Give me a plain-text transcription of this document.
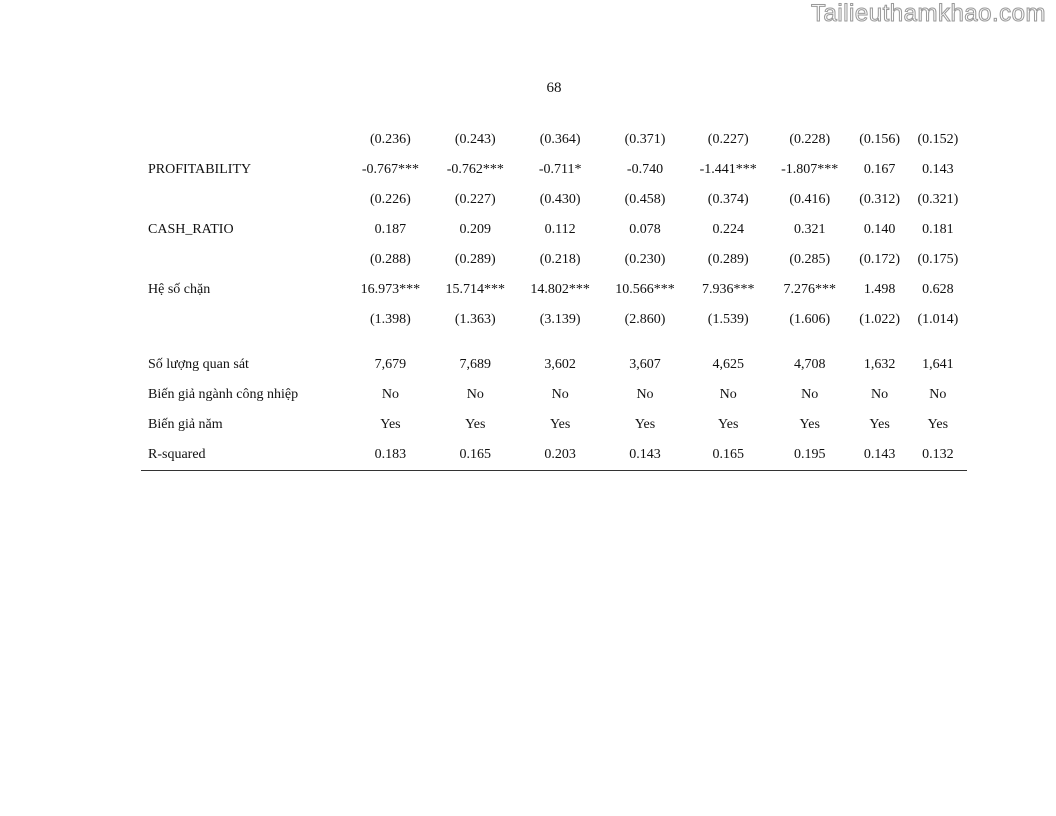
Tailieuthamkhao.com
68
	(0.236)	(0.243)	(0.364)	(0.371)	(0.227)	(0.228)	(0.156)	(0.152)
PROFITABILITY	-0.767***	-0.762***	-0.711*	-0.740	-1.441***	-1.807***	0.167	0.143
	(0.226)	(0.227)	(0.430)	(0.458)	(0.374)	(0.416)	(0.312)	(0.321)
CASH_RATIO	0.187	0.209	0.112	0.078	0.224	0.321	0.140	0.181
	(0.288)	(0.289)	(0.218)	(0.230)	(0.289)	(0.285)	(0.172)	(0.175)
Hệ số chặn	16.973***	15.714***	14.802***	10.566***	7.936***	7.276***	1.498	0.628
	(1.398)	(1.363)	(3.139)	(2.860)	(1.539)	(1.606)	(1.022)	(1.014)

Số lượng quan sát	7,679	7,689	3,602	3,607	4,625	4,708	1,632	1,641
Biến giả ngành công nhiệp	No	No	No	No	No	No	No	No
Biến giả năm	Yes	Yes	Yes	Yes	Yes	Yes	Yes	Yes
R-squared	0.183	0.165	0.203	0.143	0.165	0.195	0.143	0.132
